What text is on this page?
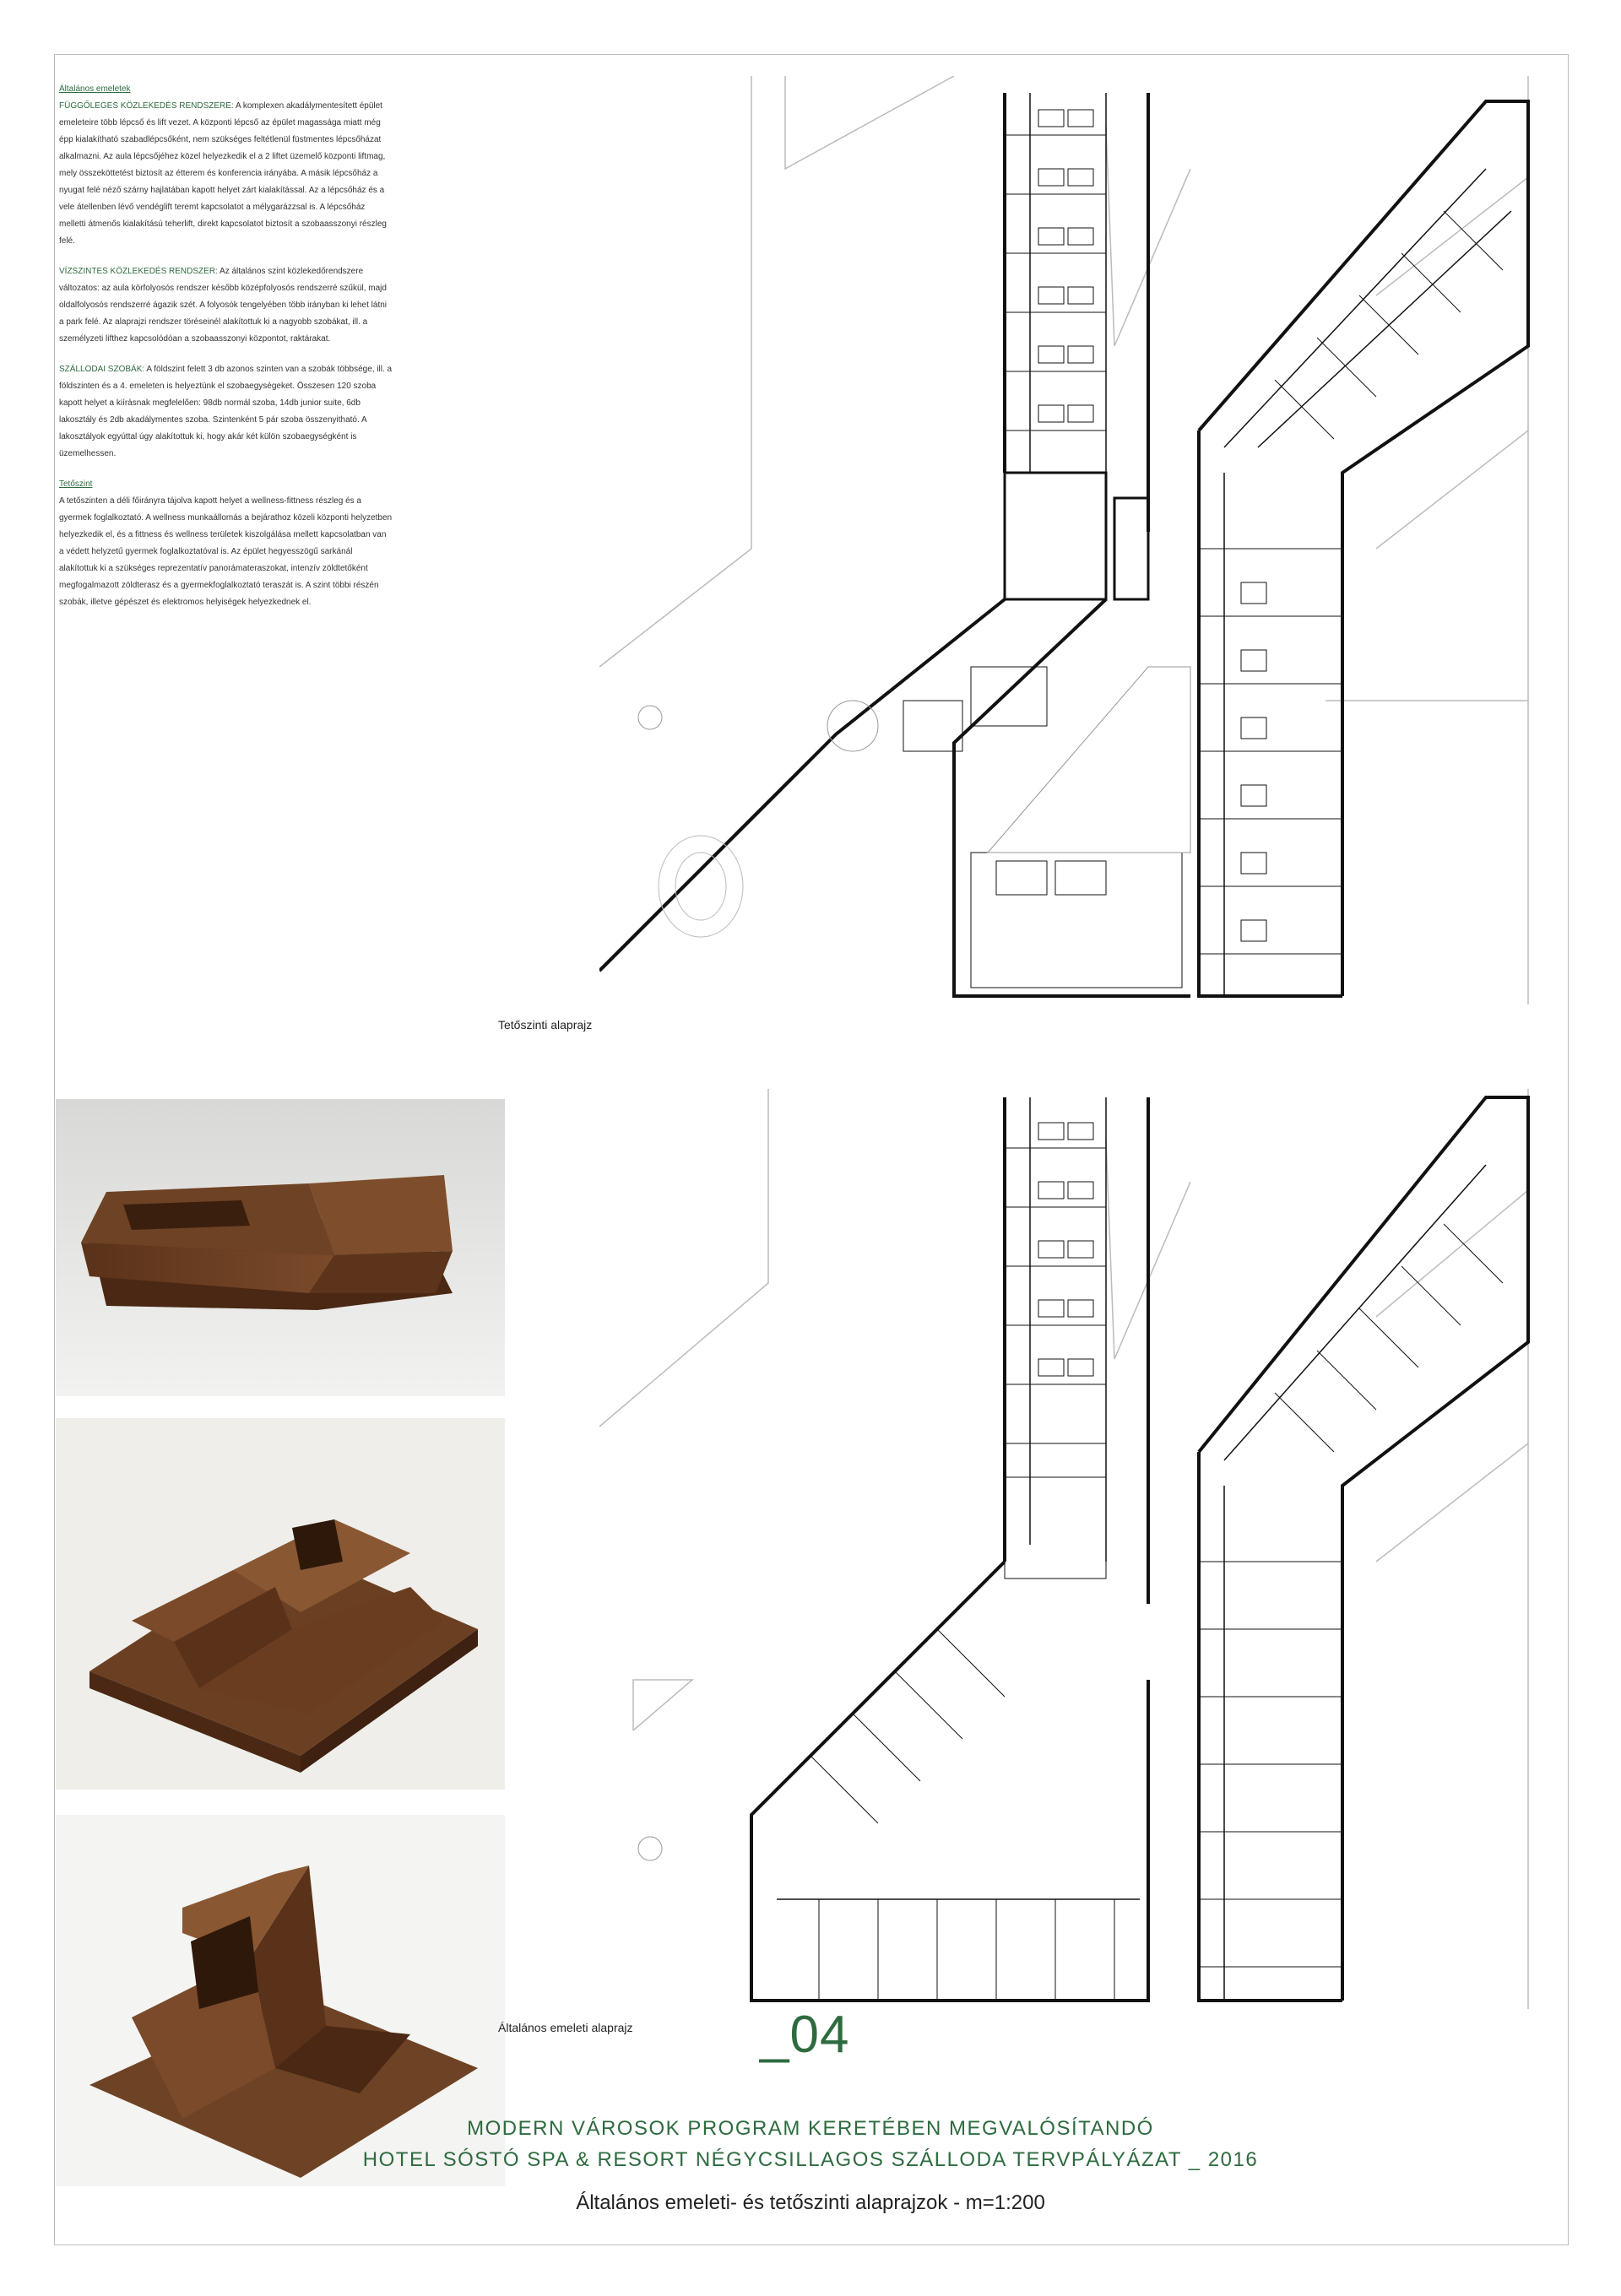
Általános emeletek
FÜGGŐLEGES KÖZLEKEDÉS RENDSZERE: A komplexen akadálymentesített épület emeleteire több lépcső és lift vezet. A központi lépcső az épület magassága miatt még épp kialakítható szabadlépcsőként, nem szükséges feltétlenül füstmentes lépcsőházat alkalmazni. Az aula lépcsőjéhez közel helyezkedik el a 2 liftet üzemelő központi liftmag, mely összeköttetést biztosít az étterem és konferencia irányába. A másik lépcsőház a nyugat felé néző szárny hajlatában kapott helyet zárt kialakítással. Az a lépcsőház és a vele átellenben lévő vendéglift teremt kapcsolatot a mélygarázzsal is. A lépcsőház melletti átmenős kialakítású teherlift, direkt kapcsolatot biztosít a szobaasszonyi részleg felé.

VÍZSZINTES KÖZLEKEDÉS RENDSZER: Az általános szint közlekedőrendszere változatos: az aula körfolyosós rendszer később középfolyosós rendszerré szűkül, majd oldalfolyosós rendszerré ágazik szét. A folyosók tengelyében több irányban ki lehet látni a park felé. Az alaprajzi rendszer töréseinél alakítottuk ki a nagyobb szobákat, ill. a személyzeti lifthez kapcsolódóan a szobaasszonyi központot, raktárakat.

SZÁLLODAI SZOBÁK: A földszint felett 3 db azonos szinten van a szobák többsége, ill. a földszinten és a 4. emeleten is helyeztünk el szobaegységeket. Összesen 120 szoba kapott helyet a kiírásnak megfelelően: 98db normál szoba, 14db junior suite, 6db lakosztály és 2db akadálymentes szoba. Szintenként 5 pár szoba összenyitható. A lakosztályok egyúttal úgy alakítottuk ki, hogy akár két külön szobaegységként is üzemelhessen.

Tetőszint
A tetőszinten a déli főirányra tájolva kapott helyet a wellness-fittness részleg és a gyermek foglalkoztató. A wellness munkaállomás a bejárathoz közeli központi helyzetben helyezkedik el, és a fittness és wellness területek kiszolgálása mellett kapcsolatban van a védett helyzetű gyermek foglalkoztatóval is. Az épület hegyesszögű sarkánál alakítottuk ki a szükséges reprezentatív panorámateraszokat, intenzív zöldtetőként megfogalmazott zöldterasz és a gyermekfoglalkoztató teraszát is. A szint többi részén szobák, illetve gépészet és elektromos helyiségek helyezkednek el.

Tetőszinti alaprajz
Általános emeleti alaprajz _04
MODERN VÁROSOK PROGRAM KERETÉBEN MEGVALÓSÍTANDÓ
HOTEL SÓSTÓ SPA & RESORT NÉGYCSILLAGOS SZÁLLODA TERVPÁLYÁZAT _ 2016
Általános emeleti- és tetőszinti alaprajzok - m=1:200
